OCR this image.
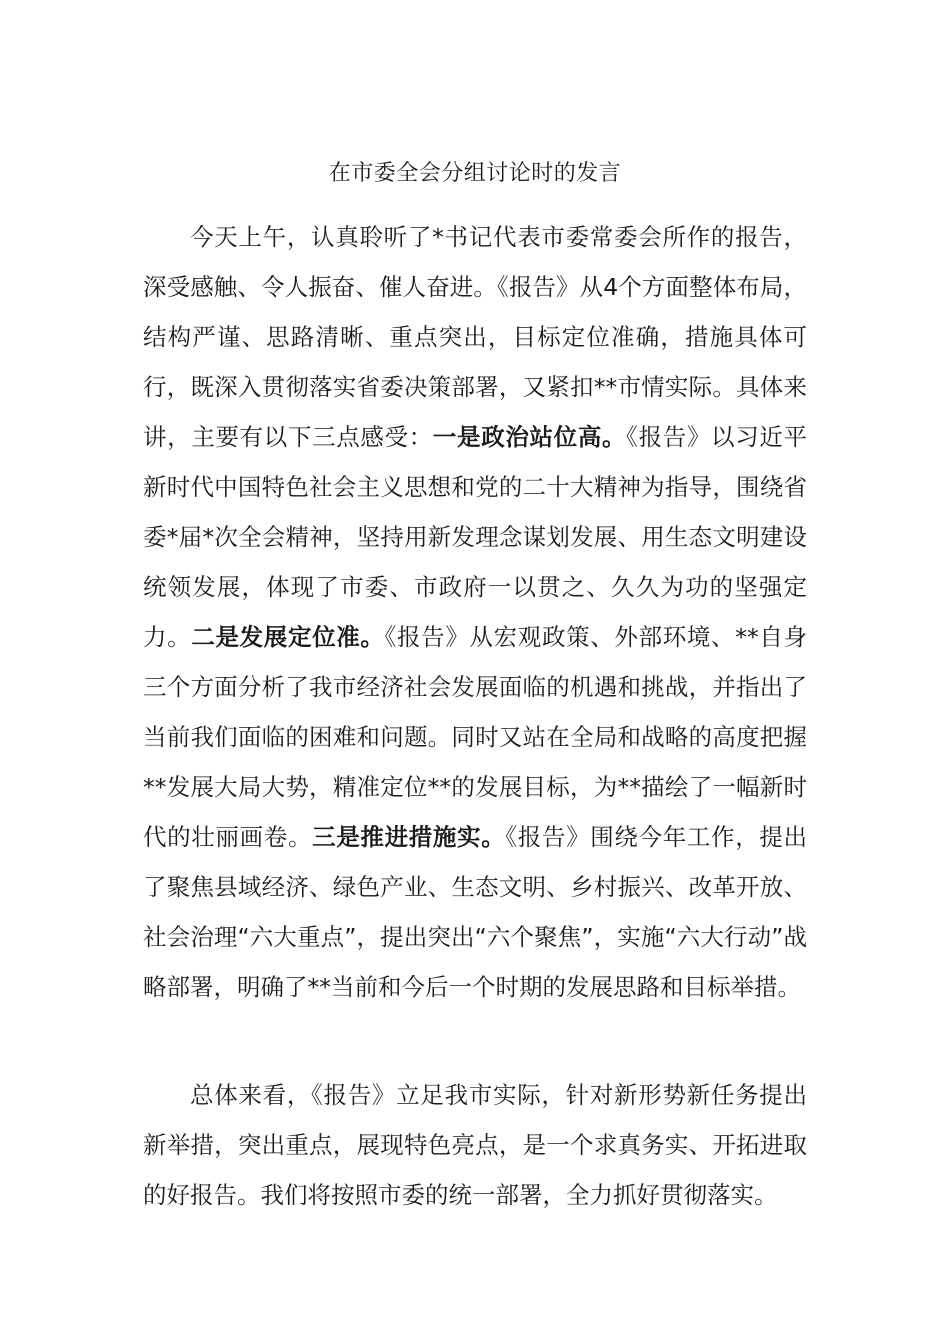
在市委全会分组讨论时的发言

今天上午，认真聆听了*书记代表市委常委会所作的报告，深受感触、令人振奋、催人奋进。《报告》从4个方面整体布局，结构严谨、思路清晰、重点突出，目标定位准确，措施具体可行，既深入贯彻落实省委决策部署，又紧扣**市情实际。具体来讲，主要有以下三点感受：一是政治站位高。《报告》以习近平新时代中国特色社会主义思想和党的二十大精神为指导，围绕省委*届*次全会精神，坚持用新发理念谋划发展、用生态文明建设统领发展，体现了市委、市政府一以贯之、久久为功的坚强定力。二是发展定位准。《报告》从宏观政策、外部环境、**自身三个方面分析了我市经济社会发展面临的机遇和挑战，并指出了当前我们面临的困难和问题。同时又站在全局和战略的高度把握**发展大局大势，精准定位**的发展目标，为**描绘了一幅新时代的壮丽画卷。三是推进措施实。《报告》围绕今年工作，提出了聚焦县域经济、绿色产业、生态文明、乡村振兴、改革开放、社会治理“六大重点”，提出突出“六个聚焦”，实施“六大行动”战略部署，明确了**当前和今后一个时期的发展思路和目标举措。

总体来看，《报告》立足我市实际，针对新形势新任务提出新举措，突出重点，展现特色亮点，是一个求真务实、开拓进取的好报告。我们将按照市委的统一部署，全力抓好贯彻落实。
